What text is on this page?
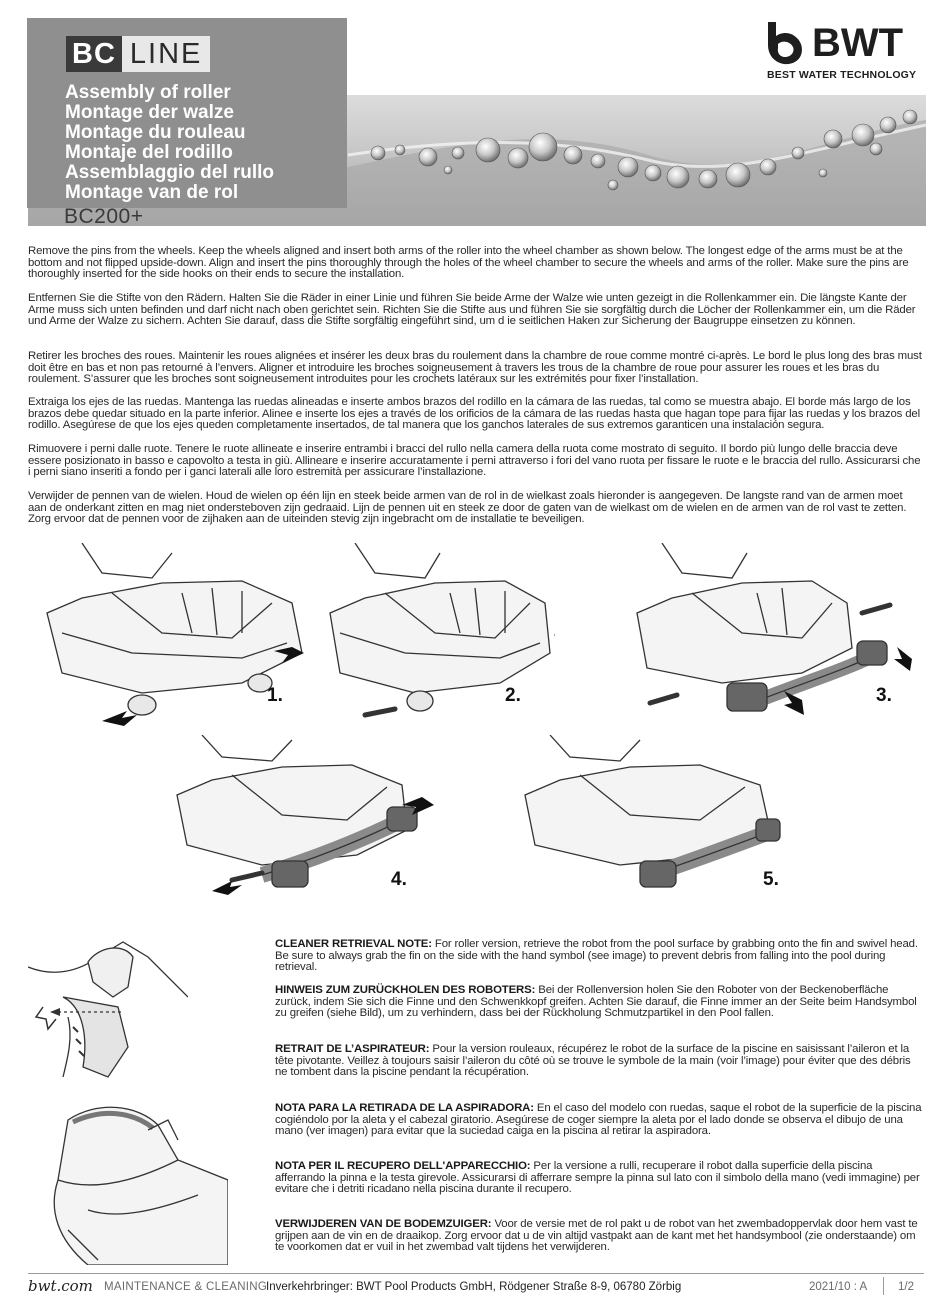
BC LINE
Assembly of roller
Montage der walze
Montage du rouleau
Montaje del rodillo
Assemblaggio del rullo
Montage van de rol
BC200+
BWT
BEST WATER TECHNOLOGY

Remove the pins from the wheels. Keep the wheels aligned and insert both arms of the roller into the wheel chamber as shown below. The longest edge of the arms must be at the bottom and not flipped upside-down. Align and insert the pins thoroughly through the holes of the wheel chamber to secure the wheels and arms of the roller. Make sure the pins are thoroughly inserted for the side hooks on their ends to secure the installation.

Entfernen Sie die Stifte von den Rädern. Halten Sie die Räder in einer Linie und führen Sie beide Arme der Walze wie unten gezeigt in die Rollenkammer ein. Die längste Kante der Arme muss sich unten befinden und darf nicht nach oben gerichtet sein. Richten Sie die Stifte aus und führen Sie sie sorgfältig durch die Löcher der Rollenkammer ein, um die Räder und Arme der Walze zu sichern. Achten Sie darauf, dass die Stifte sorgfältig eingeführt sind, um d ie seitlichen Haken zur Sicherung der Baugruppe einsetzen zu können.

Retirer les broches des roues. Maintenir les roues alignées et insérer les deux bras du roulement dans la chambre de roue comme montré ci-après. Le bord le plus long des bras must doit être en bas et non pas retourné à l’envers. Aligner et introduire les broches soigneusement à travers les trous de la chambre de roue pour assurer les roues et les bras du roulement. S’assurer que les broches sont soigneusement introduites pour les crochets latéraux sur les extrémités pour fixer l’installation.

Extraiga los ejes de las ruedas. Mantenga las ruedas alineadas e inserte ambos brazos del rodillo en la cámara de las ruedas, tal como se muestra abajo. El borde más largo de los brazos debe quedar situado en la parte inferior. Alinee e inserte los ejes a través de los orificios de la cámara de las ruedas hasta que hagan tope para fijar las ruedas y los brazos del rodillo. Asegúrese de que los ejes queden completamente insertados, de tal manera que los ganchos laterales de sus extremos garanticen una instalación segura.

Rimuovere i perni dalle ruote. Tenere le ruote allineate e inserire entrambi i bracci del rullo nella camera della ruota come mostrato di seguito. Il bordo più lungo delle braccia deve essere posizionato in basso e capovolto a testa in giù. Allineare e inserire accuratamente i perni attraverso i fori del vano ruota per fissare le ruote e le braccia del rullo. Assicurarsi che i perni siano inseriti a fondo per i ganci laterali alle loro estremità per assicurare l’installazione.

Verwijder de pennen van de wielen. Houd de wielen op één lijn en steek beide armen van de rol in de wielkast zoals hieronder is aangegeven. De langste rand van de armen moet aan de onderkant zitten en mag niet ondersteboven zijn gedraaid. Lijn de pennen uit en steek ze door de gaten van de wielkast om de wielen en de armen van de rol vast te zetten. Zorg ervoor dat de pennen voor de zijhaken aan de uiteinden stevig zijn ingebracht om de installatie te beveiligen.

1.	2.	3.
4.	5.

CLEANER RETRIEVAL NOTE: For roller version, retrieve the robot from the pool surface by grabbing onto the fin and swivel head. Be sure to always grab the fin on the side with the hand symbol (see image) to prevent debris from falling into the pool during retrieval.

HINWEIS ZUM ZURÜCKHOLEN DES ROBOTERS: Bei der Rollenversion holen Sie den Roboter von der Beckenoberfläche zurück, indem Sie sich die Finne und den Schwenkkopf greifen. Achten Sie darauf, die Finne immer an der Seite beim Handsymbol zu greifen (siehe Bild), um zu verhindern, dass bei der Rückholung Schmutzpartikel in den Pool fallen.

RETRAIT DE L’ASPIRATEUR: Pour la version rouleaux, récupérez le robot de la surface de la piscine en saisissant l’aileron et la tête pivotante. Veillez à toujours saisir l’aileron du côté où se trouve le symbole de la main (voir l’image) pour éviter que des débris ne tombent dans la piscine pendant la récupération.

NOTA PARA LA RETIRADA DE LA ASPIRADORA: En el caso del modelo con ruedas, saque el robot de la superficie de la piscina cogiéndolo por la aleta y el cabezal giratorio. Asegúrese de coger siempre la aleta por el lado donde se observa el dibujo de una mano (ver imagen) para evitar que la suciedad caiga en la piscina al retirar la aspiradora.

NOTA PER IL RECUPERO DELL'APPARECCHIO: Per la versione a rulli, recuperare il robot dalla superficie della piscina afferrando la pinna e la testa girevole. Assicurarsi di afferrare sempre la pinna sul lato con il simbolo della mano (vedi immagine) per evitare che i detriti ricadano nella piscina durante il recupero.

VERWIJDEREN VAN DE BODEMZUIGER: Voor de versie met de rol pakt u de robot van het zwembadoppervlak door hem vast te grijpen aan de vin en de draaikop. Zorg ervoor dat u de vin altijd vastpakt aan de kant met het handsymbool (zie onderstaande) om te voorkomen dat er vuil in het zwembad valt tijdens het verwijderen.

bwt.com MAINTENANCE & CLEANING
Inverkehrbringer: BWT Pool Products GmbH, Rödgener Straße 8-9, 06780 Zörbig	2021/10 : A	1/2
